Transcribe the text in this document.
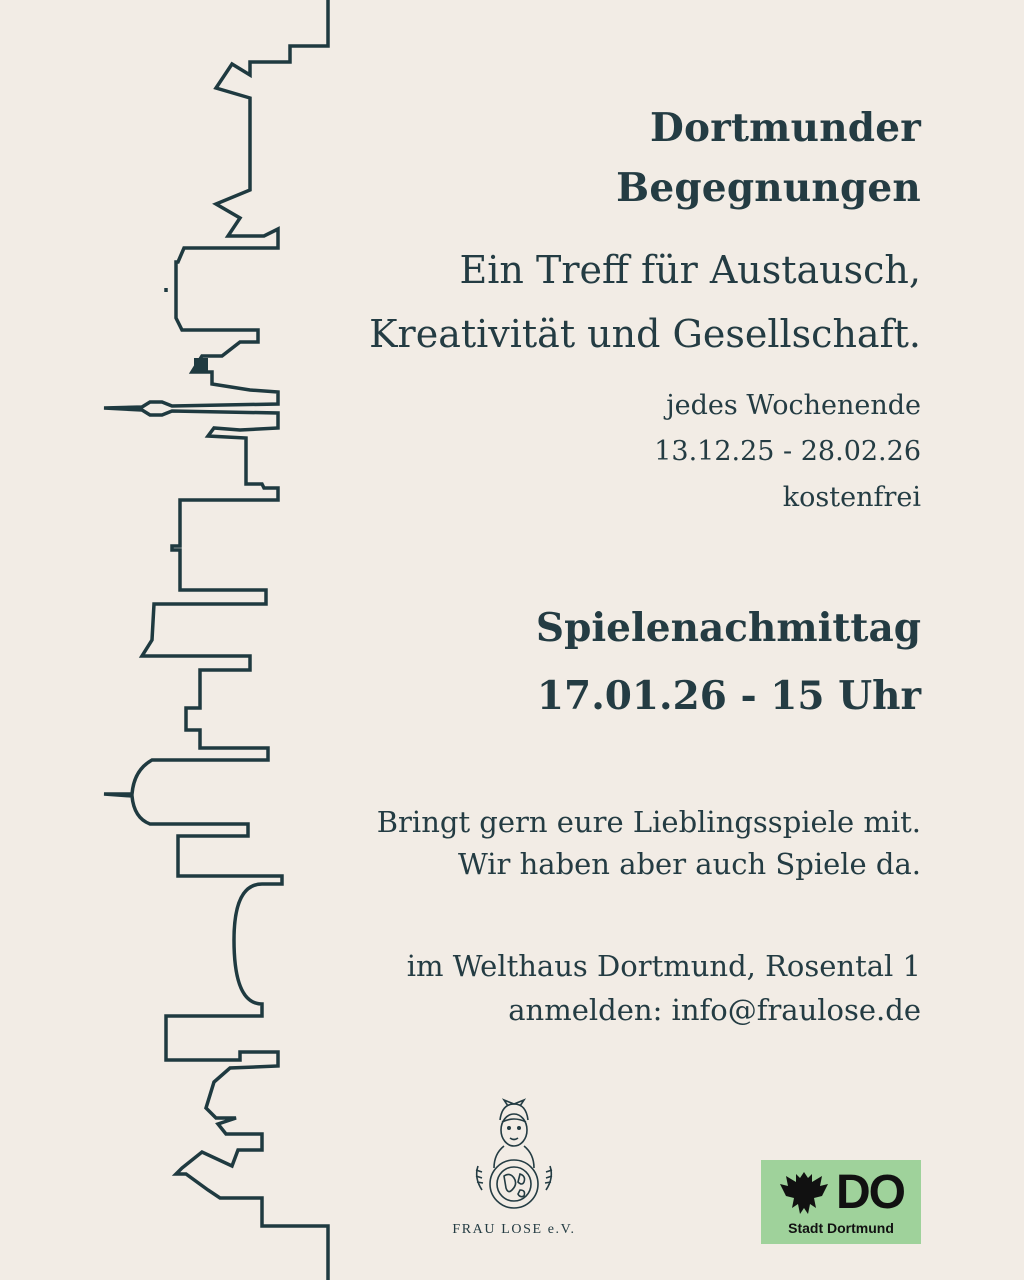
Dortmunder
Begegnungen
Ein Treff für Austausch,
Kreativität und Gesellschaft.
jedes Wochenende
13.12.25 - 28.02.26
kostenfrei
Spielenachmittag
17.01.26 - 15 Uhr
Bringt gern eure Lieblingsspiele mit.
Wir haben aber auch Spiele da.
im Welthaus Dortmund, Rosental 1
anmelden: info@fraulose.de
FRAU LOSE e.V.
DO
Stadt Dortmund
